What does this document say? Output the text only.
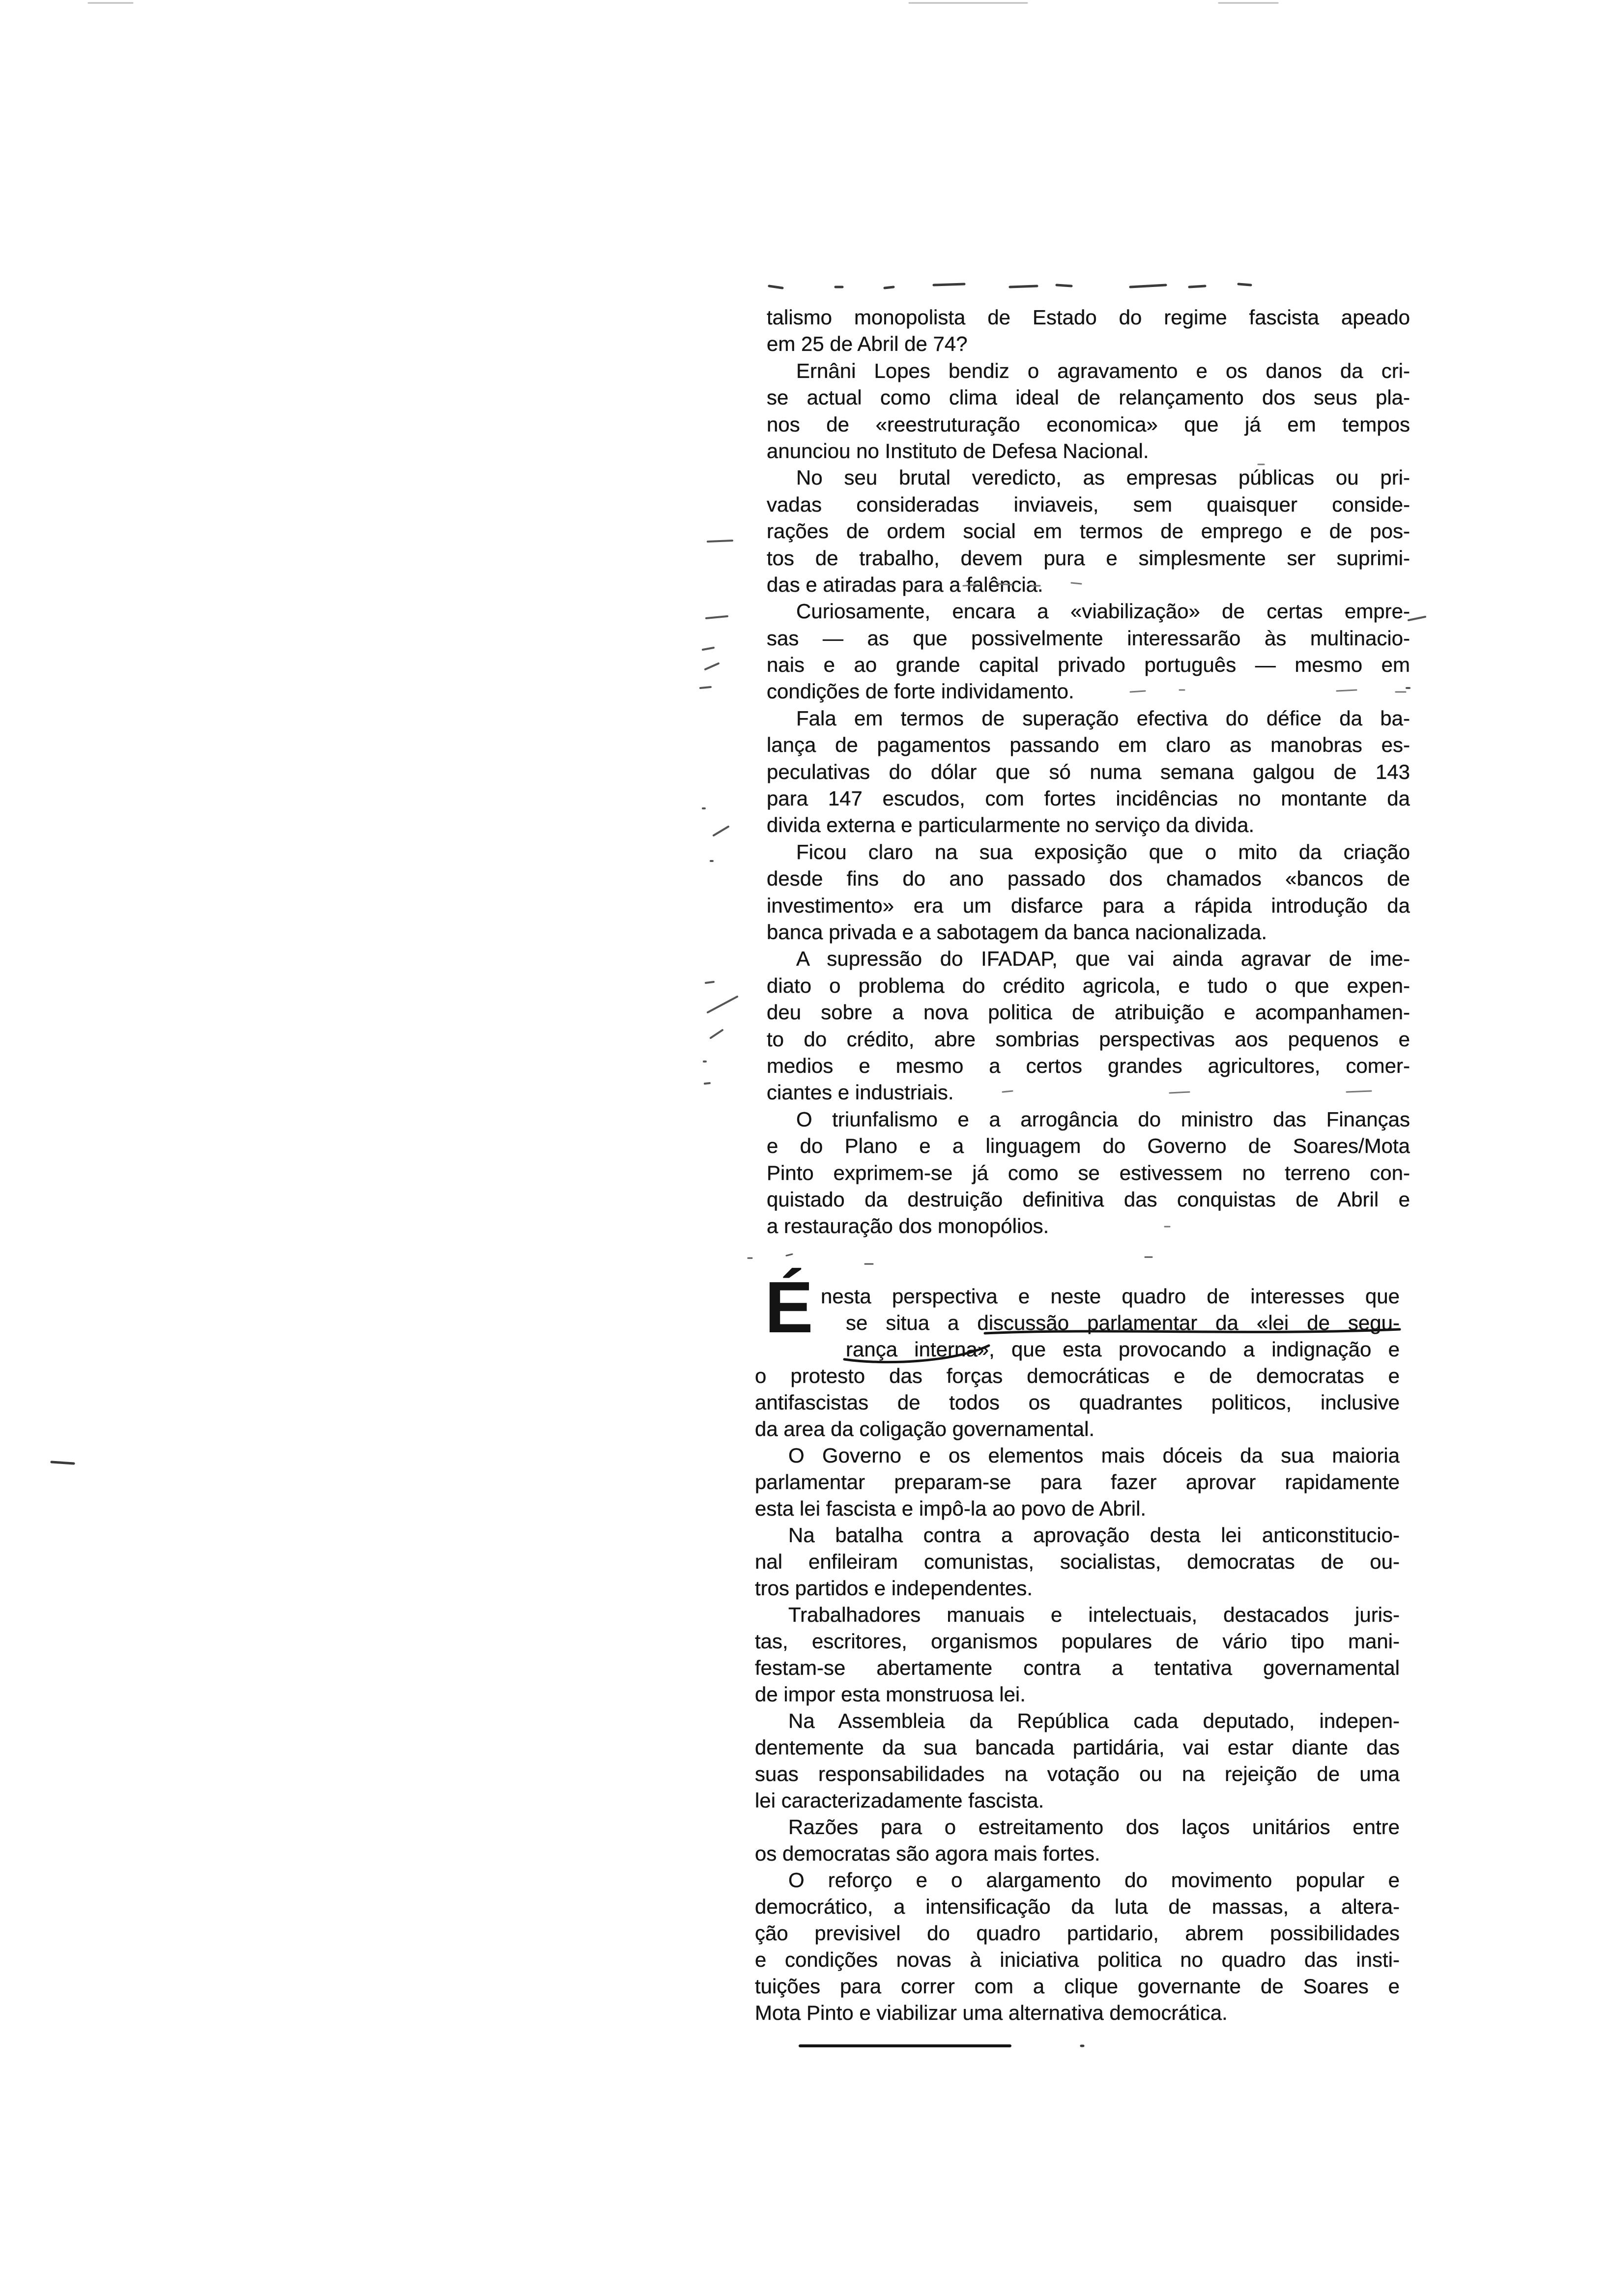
talismo monopolista de Estado do regime fascista apeado
em 25 de Abril de 74?
Ernâni Lopes bendiz o agravamento e os danos da cri-
se actual como clima ideal de relançamento dos seus pla-
nos de «reestruturação economica» que já em tempos
anunciou no Instituto de Defesa Nacional.
No seu brutal veredicto, as empresas públicas ou pri-
vadas consideradas inviaveis, sem quaisquer conside-
rações de ordem social em termos de emprego e de pos-
tos de trabalho, devem pura e simplesmente ser suprimi-
das e atiradas para a falência.
Curiosamente, encara a «viabilização» de certas empre-
sas — as que possivelmente interessarão às multinacio-
nais e ao grande capital privado português — mesmo em
condições de forte individamento.
Fala em termos de superação efectiva do défice da ba-
lança de pagamentos passando em claro as manobras es-
peculativas do dólar que só numa semana galgou de 143
para 147 escudos, com fortes incidências no montante da
divida externa e particularmente no serviço da divida.
Ficou claro na sua exposição que o mito da criação
desde fins do ano passado dos chamados «bancos de
investimento» era um disfarce para a rápida introdução da
banca privada e a sabotagem da banca nacionalizada.
A supressão do IFADAP, que vai ainda agravar de ime-
diato o problema do crédito agricola, e tudo o que expen-
deu sobre a nova politica de atribuição e acompanhamen-
to do crédito, abre sombrias perspectivas aos pequenos e
medios e mesmo a certos grandes agricultores, comer-
ciantes e industriais.
O triunfalismo e a arrogância do ministro das Finanças
e do Plano e a linguagem do Governo de Soares/Mota
Pinto exprimem-se já como se estivessem no terreno con-
quistado da destruição definitiva das conquistas de Abril e
a restauração dos monopólios.
É nesta perspectiva e neste quadro de interesses que
se situa a discussão parlamentar da «lei de segu-
rança interna», que esta provocando a indignação e
o protesto das forças democráticas e de democratas e
antifascistas de todos os quadrantes politicos, inclusive
da area da coligação governamental.
O Governo e os elementos mais dóceis da sua maioria
parlamentar preparam-se para fazer aprovar rapidamente
esta lei fascista e impô-la ao povo de Abril.
Na batalha contra a aprovação desta lei anticonstitucio-
nal enfileiram comunistas, socialistas, democratas de ou-
tros partidos e independentes.
Trabalhadores manuais e intelectuais, destacados juris-
tas, escritores, organismos populares de vário tipo mani-
festam-se abertamente contra a tentativa governamental
de impor esta monstruosa lei.
Na Assembleia da República cada deputado, indepen-
dentemente da sua bancada partidária, vai estar diante das
suas responsabilidades na votação ou na rejeição de uma
lei caracterizadamente fascista.
Razões para o estreitamento dos laços unitários entre
os democratas são agora mais fortes.
O reforço e o alargamento do movimento popular e
democrático, a intensificação da luta de massas, a altera-
ção previsivel do quadro partidario, abrem possibilidades
e condições novas à iniciativa politica no quadro das insti-
tuições para correr com a clique governante de Soares e
Mota Pinto e viabilizar uma alternativa democrática.
